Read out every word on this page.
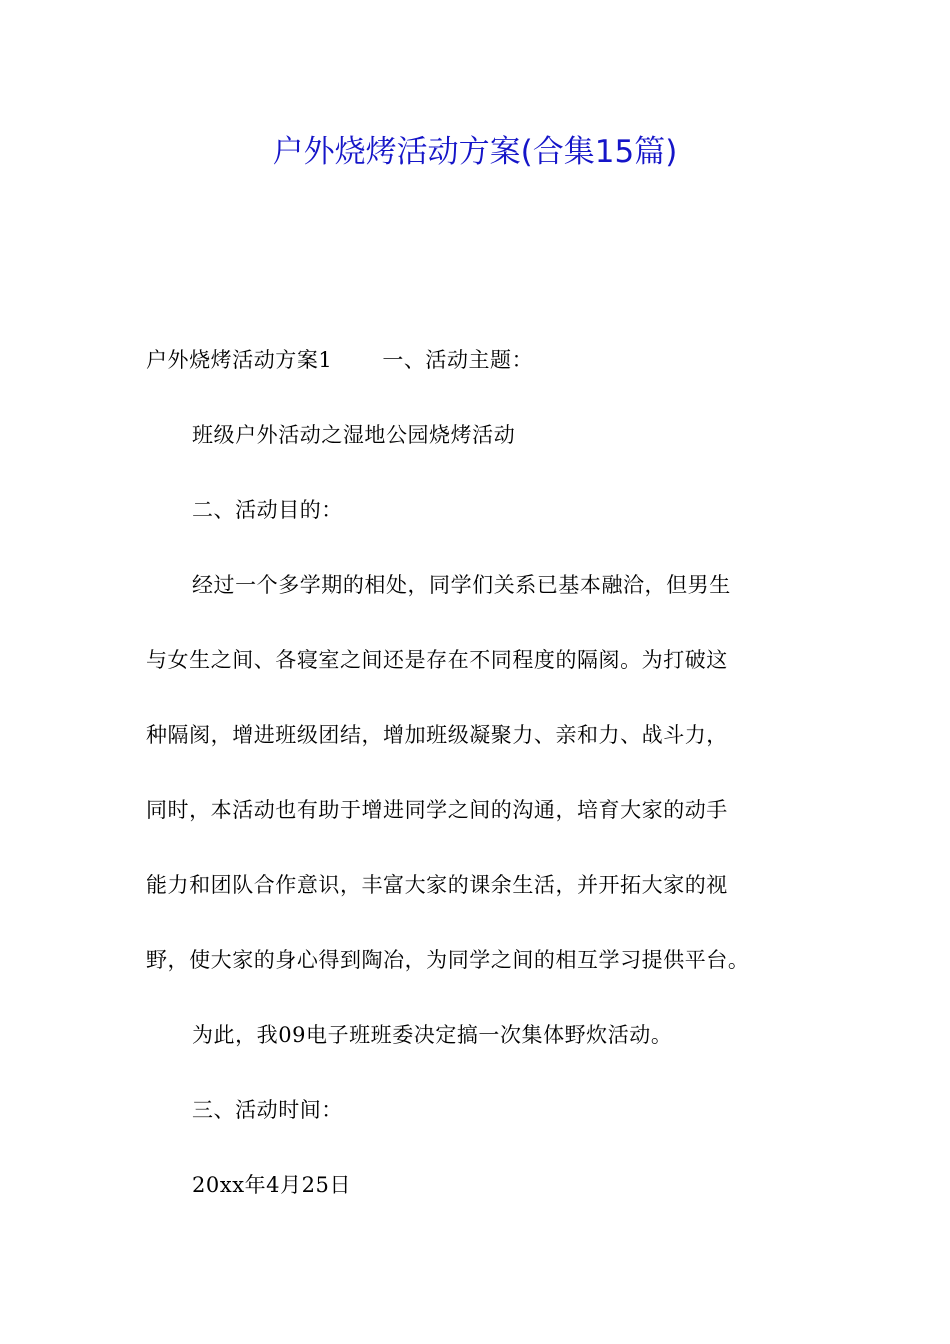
户外烧烤活动方案(合集15篇)
户外烧烤活动方案1 一、活动主题：
班级户外活动之湿地公园烧烤活动
二、活动目的：
经过一个多学期的相处，同学们关系已基本融洽，但男生
与女生之间、各寝室之间还是存在不同程度的隔阂。为打破这
种隔阂，增进班级团结，增加班级凝聚力、亲和力、战斗力，
同时，本活动也有助于增进同学之间的沟通，培育大家的动手
能力和团队合作意识，丰富大家的课余生活，并开拓大家的视
野，使大家的身心得到陶冶，为同学之间的相互学习提供平台。
为此，我09电子班班委决定搞一次集体野炊活动。
三、活动时间：
20xx年4月25日
